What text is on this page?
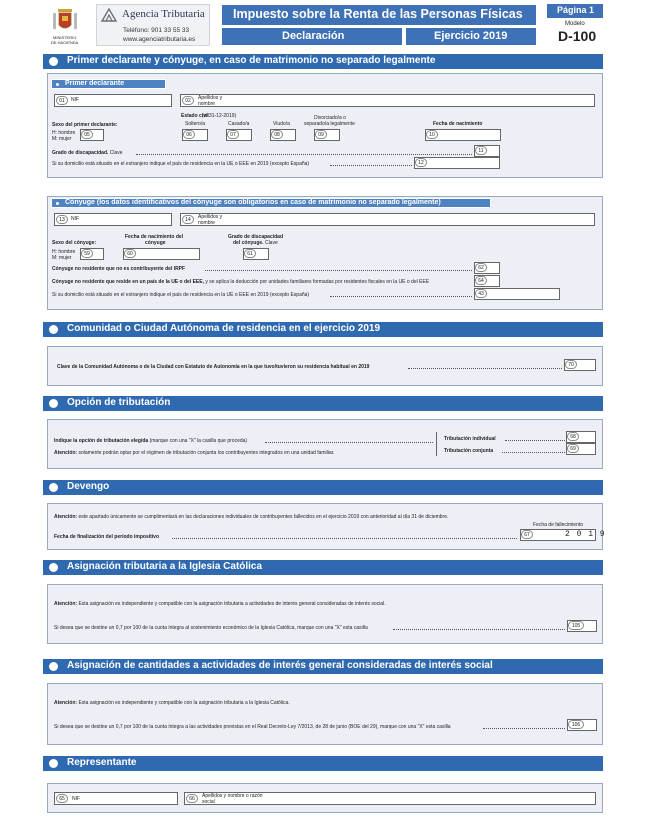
MINISTERIO
DE HACIENDA
Agencia Tributaria
Teléfono: 901 33 55 33
www.agenciatributaria.es
Impuesto sobre la Renta de las Personas Físicas
Declaración	Ejercicio 2019
Página 1
Modelo
D-100
Primer declarante y cónyuge, en caso de matrimonio no separado legalmente
Primer declarante
01	NIF	02	Apellidos y
nombre
Estado civil
(el 31-12-2019)
Sexo del primer declarante:
H: hombre
M: mujer
05
Soltero/a
06
Casado/a
07
Viudo/a
08
Divorciado/a o
separado/a legalmente
09
Fecha de nacimiento
10
Grado de discapacidad. Clave	11
Si su domicilio está situado en el extranjero indique el país de residencia en la UE o EEE en 2019 (excepto España)	12
Cónyuge (los datos identificativos del cónyuge son obligatorios en caso de matrimonio no separado legalmente)
13	NIF	14	Apellidos y
nombre
Sexo del cónyuge:
H: hombre
M: mujer
59
Fecha de nacimiento del
cónyuge
60
Grado de discapacidad
del cónyuge. Clave
61
Cónyuge no residente que no es contribuyente del IRPF	62
Cónyuge no residente que reside en un país de la UE o del EEE, y se aplica la deducción por unidades familiares formadas por residentes fiscales en la UE o del EEE	64
Si su domicilio está situado en el extranjero indique el país de residencia en la UE o EEE en 2019 (excepto España)	43
Comunidad o Ciudad Autónoma de residencia en el ejercicio 2019
Clave de la Comunidad Autónoma o de la Ciudad con Estatuto de Autonomía en la que tuvo/tuvieron su residencia habitual en 2019	70
Opción de tributación
Indique la opción de tributación elegida (marque con una "X" la casilla que proceda)
Atención: solamente podrán optar por el régimen de tributación conjunta los contribuyentes integrados en una unidad familiar.
Tributación individual	68
Tributación conjunta	69
Devengo
Atención: este apartado únicamente se cumplimentará en las declaraciones individuales de contribuyentes fallecidos en el ejercicio 2019 con anterioridad al día 31 de diciembre.
Fecha de fallecimiento
Fecha de finalización del período impositivo	67	2 0 1 9
Asignación tributaria a la Iglesia Católica
Atención: Esta asignación es independiente y compatible con la asignación tributaria a actividades de interés general consideradas de interés social.
Si desea que se destine un 0,7 por 100 de la cuota íntegra al sostenimiento económico de la Iglesia Católica, marque con una "X" esta casilla	105
Asignación de cantidades a actividades de interés general consideradas de interés social
Atención: Esta asignación es independiente y compatible con la asignación tributaria a la Iglesia Católica.
Si desea que se destine un 0,7 por 100 de la cuota íntegra a las actividades previstas en el Real Decreto-Ley 7/2013, de 28 de junio (BOE del 29), marque con una "X" esta casilla	106
Representante
65	NIF	66	Apellidos y nombre o razón
social
